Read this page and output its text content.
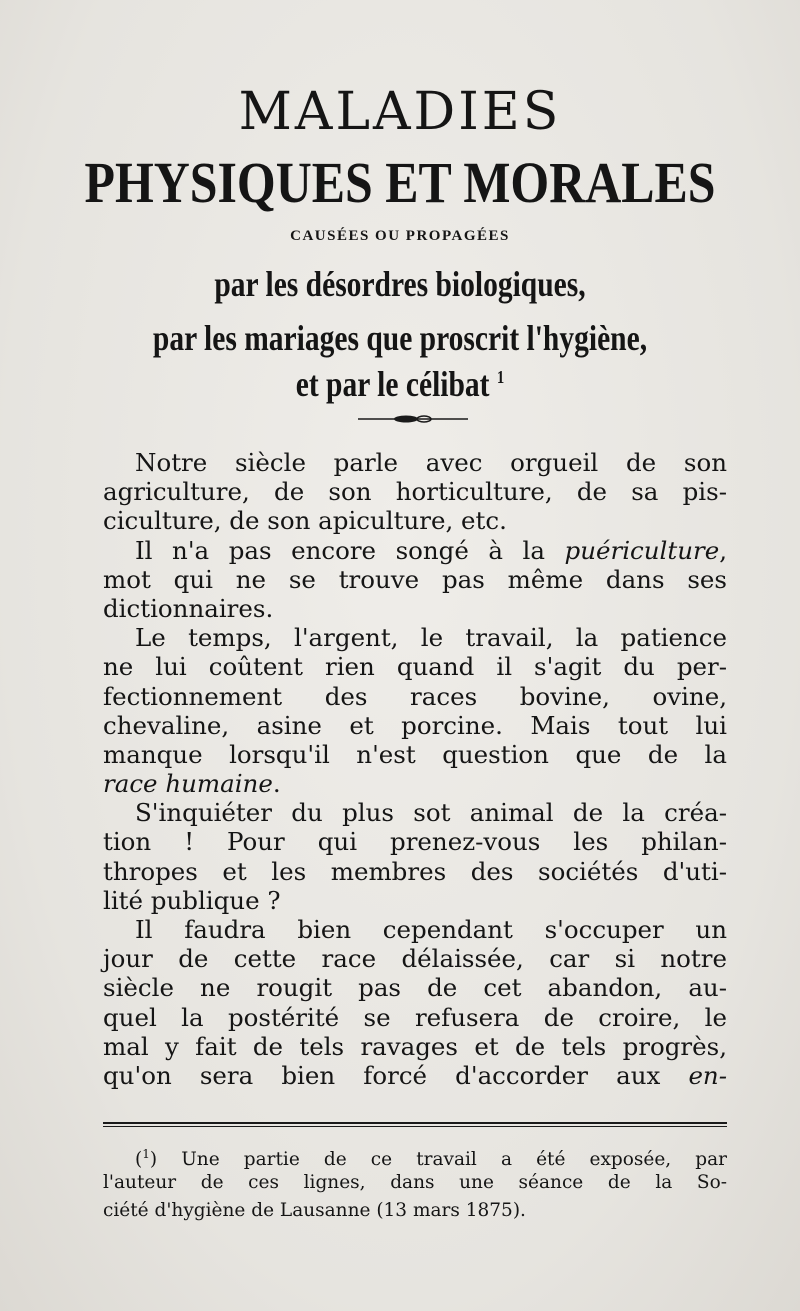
MALADIES
PHYSIQUES ET MORALES
CAUSÉES OU PROPAGÉES
par les désordres biologiques,
par les mariages que proscrit l'hygiène,
et par le célibat $^1$
Notre siècle parle avec orgueil de son
agriculture, de son horticulture, de sa pis-
ciculture, de son apiculture, etc.
Il n'a pas encore songé à la puériculture,
mot qui ne se trouve pas même dans ses
dictionnaires.
Le temps, l'argent, le travail, la patience
ne lui coûtent rien quand il s'agit du per-
fectionnement des races bovine, ovine,
chevaline, asine et porcine. Mais tout lui
manque lorsqu'il n'est question que de la
race humaine.
S'inquiéter du plus sot animal de la créa-
tion ! Pour qui prenez-vous les philan-
thropes et les membres des sociétés d'uti-
lité publique ?
Il faudra bien cependant s'occuper un
jour de cette race délaissée, car si notre
siècle ne rougit pas de cet abandon, au-
quel la postérité se refusera de croire, le
mal y fait de tels ravages et de tels progrès,
qu'on sera bien forcé d'accorder aux en-
($^1$) Une partie de ce travail a été exposée, par
l'auteur de ces lignes, dans une séance de la So-
ciété d'hygiène de Lausanne (13 mars 1875).
